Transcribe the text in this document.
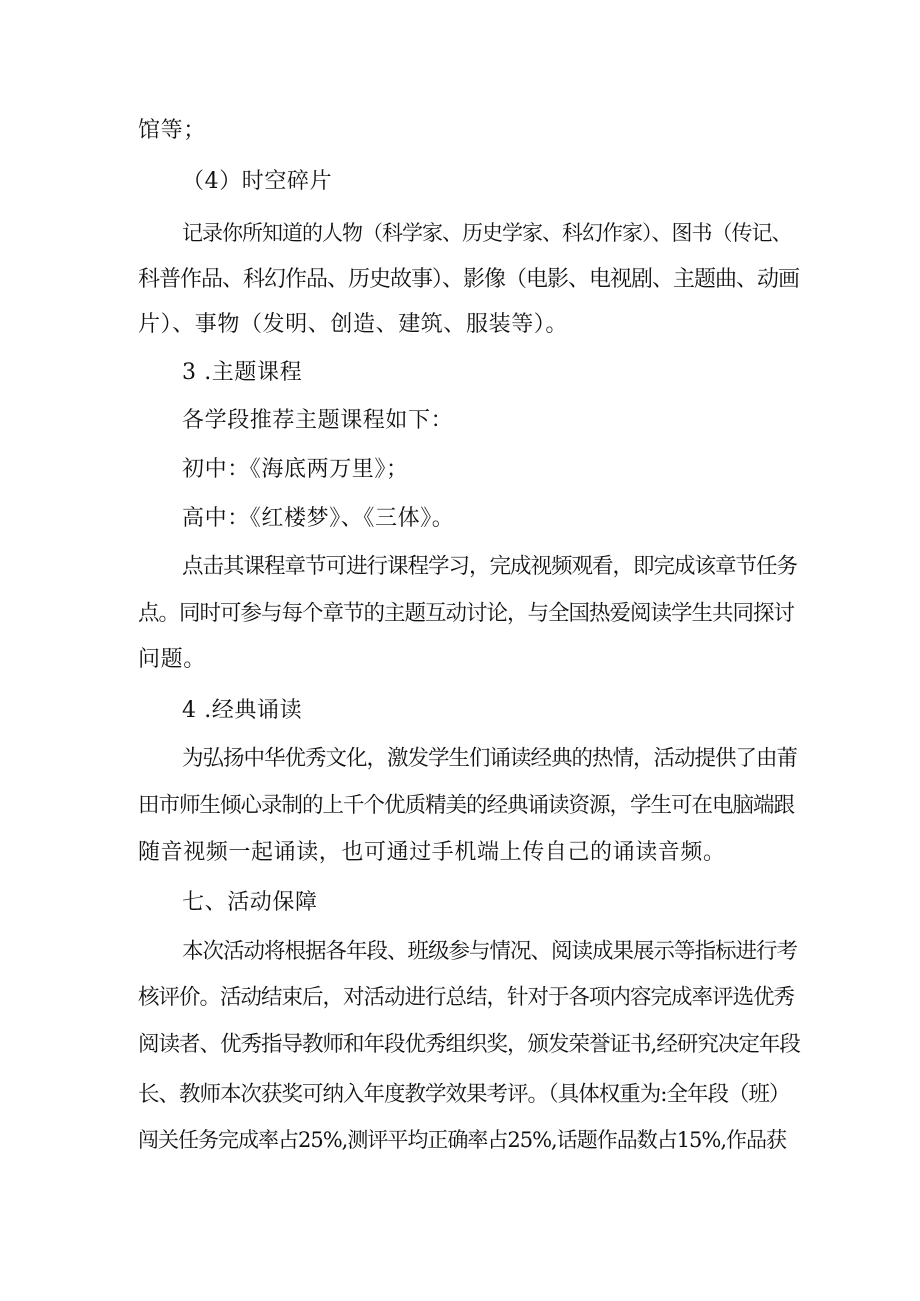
馆等；
（4）时空碎片
记录你所知道的人物（科学家、历史学家、科幻作家）、图书（传记、
科普作品、科幻作品、历史故事）、影像（电影、电视剧、主题曲、动画
片）、事物（发明、创造、建筑、服装等）。
3 .主题课程
各学段推荐主题课程如下：
初中：《海底两万里》；
高中：《红楼梦》、《三体》。
点击其课程章节可进行课程学习，完成视频观看，即完成该章节任务
点。同时可参与每个章节的主题互动讨论，与全国热爱阅读学生共同探讨
问题。
4 .经典诵读
为弘扬中华优秀文化，激发学生们诵读经典的热情，活动提供了由莆
田市师生倾心录制的上千个优质精美的经典诵读资源，学生可在电脑端跟
随音视频一起诵读，也可通过手机端上传自己的诵读音频。
七、活动保障
本次活动将根据各年段、班级参与情况、阅读成果展示等指标进行考
核评价。活动结束后，对活动进行总结，针对于各项内容完成率评选优秀
阅读者、优秀指导教师和年段优秀组织奖，颁发荣誉证书,经研究决定年段
长、教师本次获奖可纳入年度教学效果考评。（具体权重为:全年段（班）
闯关任务完成率占25%,测评平均正确率占25%,话题作品数占15%,作品获
